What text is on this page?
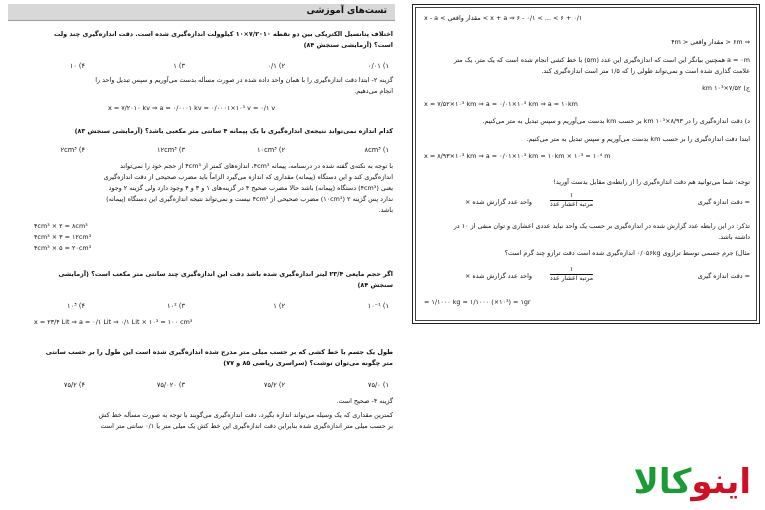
تست‌های آموزشی
اختلاف پتانسیل الکتریکی بین دو نقطه ۷/۲۰۱۰×۱۰ کیلوولت اندازه‌گیری شده است. دقت اندازه‌گیری چند ولت
است؟ (آزمایشی سنجش ۸۴)
۱) ۰/۰۱
۲) ۰/۱
۳) ۱
۴) ۱۰
گزینه ۲- ابتدا دقت اندازه‌گیری را با همان واحد داده شده در صورت مسأله بدست می‌آوریم و سپس تبدیل واحد را
انجام می‌دهیم.
x = ۷/۲۰۱۰ kv ⇒ a = ۰/۰۰۰۱ kv = ۰/۰۰۰۱×۱۰³ v = ۰/۱ v
کدام اندازه نمی‌تواند نتیجه‌ی اندازه‌گیری با یک پیمانه ۴ سانتی متر مکعبی باشد؟ (آزمایشی سنجش ۸۳)
۱) ۸cm³
۲) ۱۰cm³
۳) ۱۲cm³
۴) ۲cm³
با توجه به نکته‌ی گفته شده در درسنامه، پیمانه ۴cm³، اندازه‌های کمتر از ۴cm³ از حجم خود را نمی‌تواند
اندازه‌گیری کند و این دستگاه (پیمانه) مقداری که اندازه می‌گیرد الزاماً باید مضرب صحیحی از دقت اندازه‌گیری
یعنی (۴cm³) دستگاه (پیمانه) باشد حالا مضرب صحیح ۴ در گزینه‌های ۱ و ۳ و ۴ وجود دارد ولی گزینه ۲ وجود
ندارد پس گزینه ۲ (۱۰cm³) مضرب صحیحی از ۴cm³ نیست و نمی‌تواند نتیجه اندازه‌گیری این دستگاه (پیمانه)
باشد.
۴cm³ × ۲ = ۸cm³
۴cm³ × ۳ = ۱۲cm³
۴cm³ × ۵ = ۲۰cm³
اگر حجم مایعی ۲۳/۴ لیتر اندازه‌گیری شده باشد دقت این اندازه‌گیری چند سانتی متر مکعب است؟ (آزمایشی
سنجش ۸۴)
۱) ۱۰⁻¹
۲) ۱
۳) ۱۰²
۴) ۱۰³
x = ۲۳/۴ Lit ⇒ a = ۰/۱ Lit ⇒ ۰/۱ Lit × ۱۰³ = ۱۰۰ cm³
طول یک جسم با خط کشی که بر حسب میلی متر مدرج شده اندازه‌گیری شده است این طول را بر حسب سانتی
متر چگونه می‌توان نوشت؟ (سراسری ریاضی ۸۵ و ۷۷)
۱) ۷۵/۰
۲) ۷۵/۲
۳) ۷۵/۰۲۰
۴) ۷۵/۲
گزینه ۴- صحیح است.
کمترین مقداری که یک وسیله می‌تواند اندازه بگیرد، دقت اندازه‌گیری می‌گویند با توجه به صورت مسأله خط کش
بر حسب میلی متر اندازه‌گیری شده بنابراین دقت اندازه‌گیری این خط کش یک میلی متر یا ۰/۱ سانتی متر است
x - a < مقدار واقعی < x + a ⇒ ۶ - ۰/۱ < ... < ۶ + ۰/۱
⇒ ۶m < مقدار واقعی < ۴m
a = ۰m همچنین بیانگر این است که اندازه‌گیری این عدد (۵m) با خط کشی انجام شده است که یک متر، یک متر
علامت گذاری شده است و نمی‌تواند طولی را که ۱/۵ متر است اندازه‌گیری کند.
ج) ۷/۵۲×۱۰³ km
x = ۷/۵۲×۱۰³ km ⇒ a = ۰/۰۱×۱۰³ km ⇒ a = ۱۰km
د) دقت اندازه‌گیری را در ۸/۹۳×۱۰³ km بر حسب km بدست می‌آوریم و سپس تبدیل به متر می‌کنیم.
ابتدا دقت اندازه‌گیری را بر حسب km بدست می‌آوریم و سپس تبدیل به متر می‌کنیم.
x = ۸/۹۳×۱۰³ km ⇒ a = ۰/۰۱×۱۰³ km = ۱۰km × ۱۰³ = ۱۰⁴ m
توجه: شما می‌توانید هم دقت اندازه‌گیری را از رابطه‌ی مقابل بدست آورید!
= دقت اندازه گیری
۱
مرتبه اعشار عدد
واحد عدد گزارش شده ×
تذکر: در این رابطه عدد گزارش شده در اندازه‌گیری بر حسب یک واحد نباید عددی اعشاری و توان منفی از ۱۰ در
داشته باشد.
مثال) جرم جسمی توسط ترازوی ۰/۰۵۶kg اندازه‌گیری شده است دقت ترازو چند گرم است؟
= دقت اندازه گیری
۱
مرتبه اعشار عدد
واحد عدد گزارش شده ×
= ۱/۱۰۰۰ kg = ۱/۱۰۰۰ (×۱۰³) = ۱gr
اینوکالا
